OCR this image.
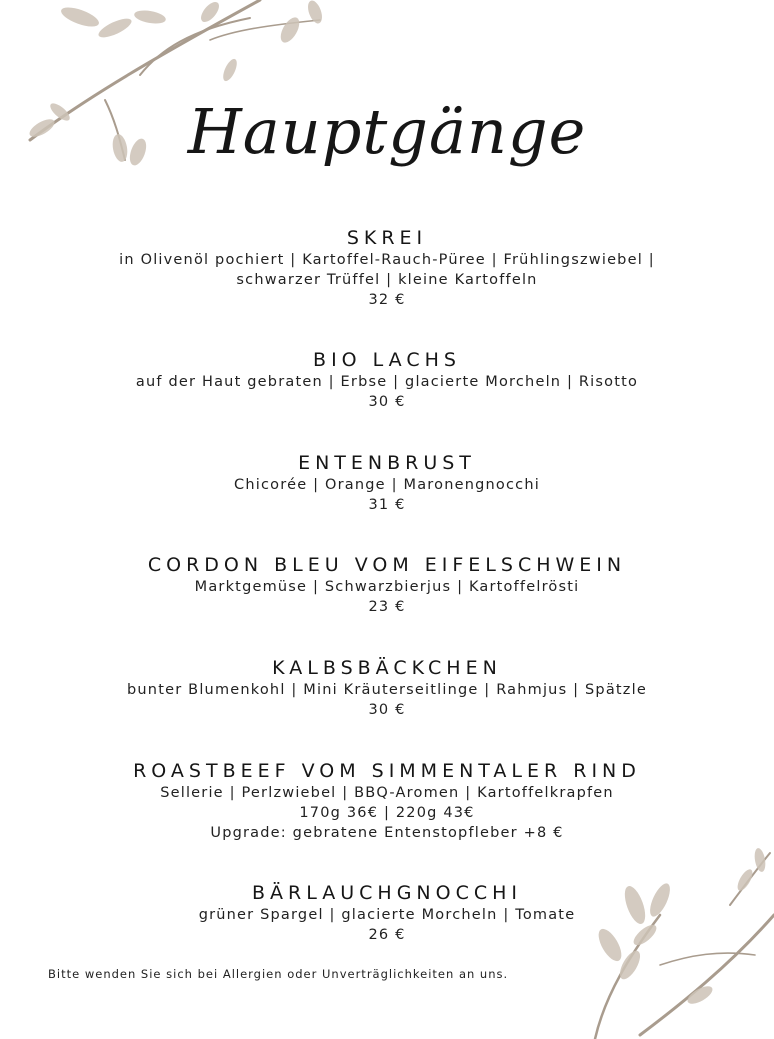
Hauptgänge
SKREI
in Olivenöl pochiert | Kartoffel-Rauch-Püree | Frühlingszwiebel |
schwarzer Trüffel | kleine Kartoffeln
32 €
BIO LACHS
auf der Haut gebraten | Erbse | glacierte Morcheln | Risotto
30 €
ENTENBRUST
Chicorée | Orange | Maronengnocchi
31 €
CORDON BLEU VOM EIFELSCHWEIN
Marktgemüse | Schwarzbierjus | Kartoffelrösti
23 €
KALBSBÄCKCHEN
bunter Blumenkohl | Mini Kräuterseitlinge | Rahmjus | Spätzle
30 €
ROASTBEEF VOM SIMMENTALER RIND
Sellerie | Perlzwiebel | BBQ-Aromen | Kartoffelkrapfen
170g 36€ | 220g 43€
Upgrade: gebratene Entenstopfleber +8 €
BÄRLAUCHGNOCCHI
grüner Spargel | glacierte Morcheln | Tomate
26 €
Bitte wenden Sie sich bei Allergien oder Unverträglichkeiten an uns.
